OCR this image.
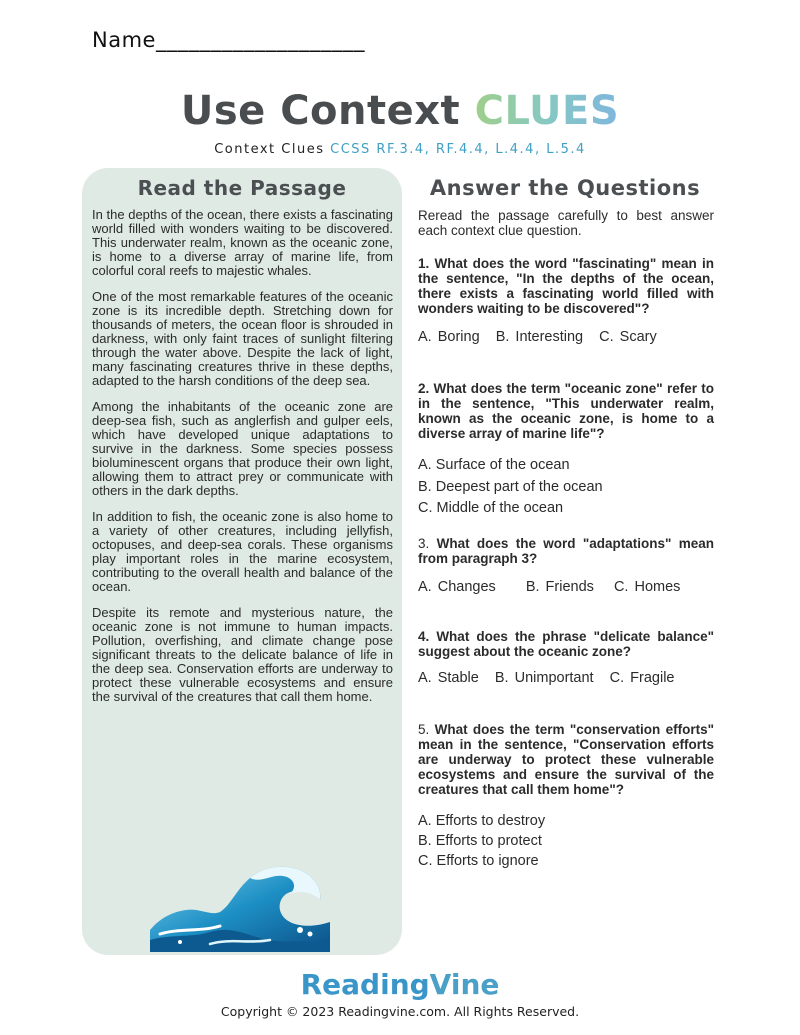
Name___________________
Use Context CLUES
Context Clues CCSS RF.3.4, RF.4.4, L.4.4, L.5.4
Read the Passage

In the depths of the ocean, there exists a fascinating world filled with wonders waiting to be discovered. This underwater realm, known as the oceanic zone, is home to a diverse array of marine life, from colorful coral reefs to majestic whales.

One of the most remarkable features of the oceanic zone is its incredible depth. Stretching down for thousands of meters, the ocean floor is shrouded in darkness, with only faint traces of sunlight filtering through the water above. Despite the lack of light, many fascinating creatures thrive in these depths, adapted to the harsh conditions of the deep sea.

Among the inhabitants of the oceanic zone are deep-sea fish, such as anglerfish and gulper eels, which have developed unique adaptations to survive in the darkness. Some species possess bioluminescent organs that produce their own light, allowing them to attract prey or communicate with others in the dark depths.

In addition to fish, the oceanic zone is also home to a variety of other creatures, including jellyfish, octopuses, and deep-sea corals. These organisms play important roles in the marine ecosystem, contributing to the overall health and balance of the ocean.

Despite its remote and mysterious nature, the oceanic zone is not immune to human impacts. Pollution, overfishing, and climate change pose significant threats to the delicate balance of life in the deep sea. Conservation efforts are underway to protect these vulnerable ecosystems and ensure the survival of the creatures that call them home.

Answer the Questions

Reread the passage carefully to best answer each context clue question.

1. What does the word "fascinating" mean in the sentence, "In the depths of the ocean, there exists a fascinating world filled with wonders waiting to be discovered"?

A. Boring B. Interesting C. Scary

2. What does the term "oceanic zone" refer to in the sentence, "This underwater realm, known as the oceanic zone, is home to a diverse array of marine life"?

A. Surface of the ocean
B. Deepest part of the ocean
C. Middle of the ocean

3. What does the word "adaptations" mean from paragraph 3?

A. Changes B. Friends C. Homes

4. What does the phrase "delicate balance" suggest about the oceanic zone?

A. Stable B. Unimportant C. Fragile

5. What does the term "conservation efforts" mean in the sentence, "Conservation efforts are underway to protect these vulnerable ecosystems and ensure the survival of the creatures that call them home"?

A. Efforts to destroy
B. Efforts to protect
C. Efforts to ignore
ReadingVine
Copyright © 2023 Readingvine.com. All Rights Reserved.
